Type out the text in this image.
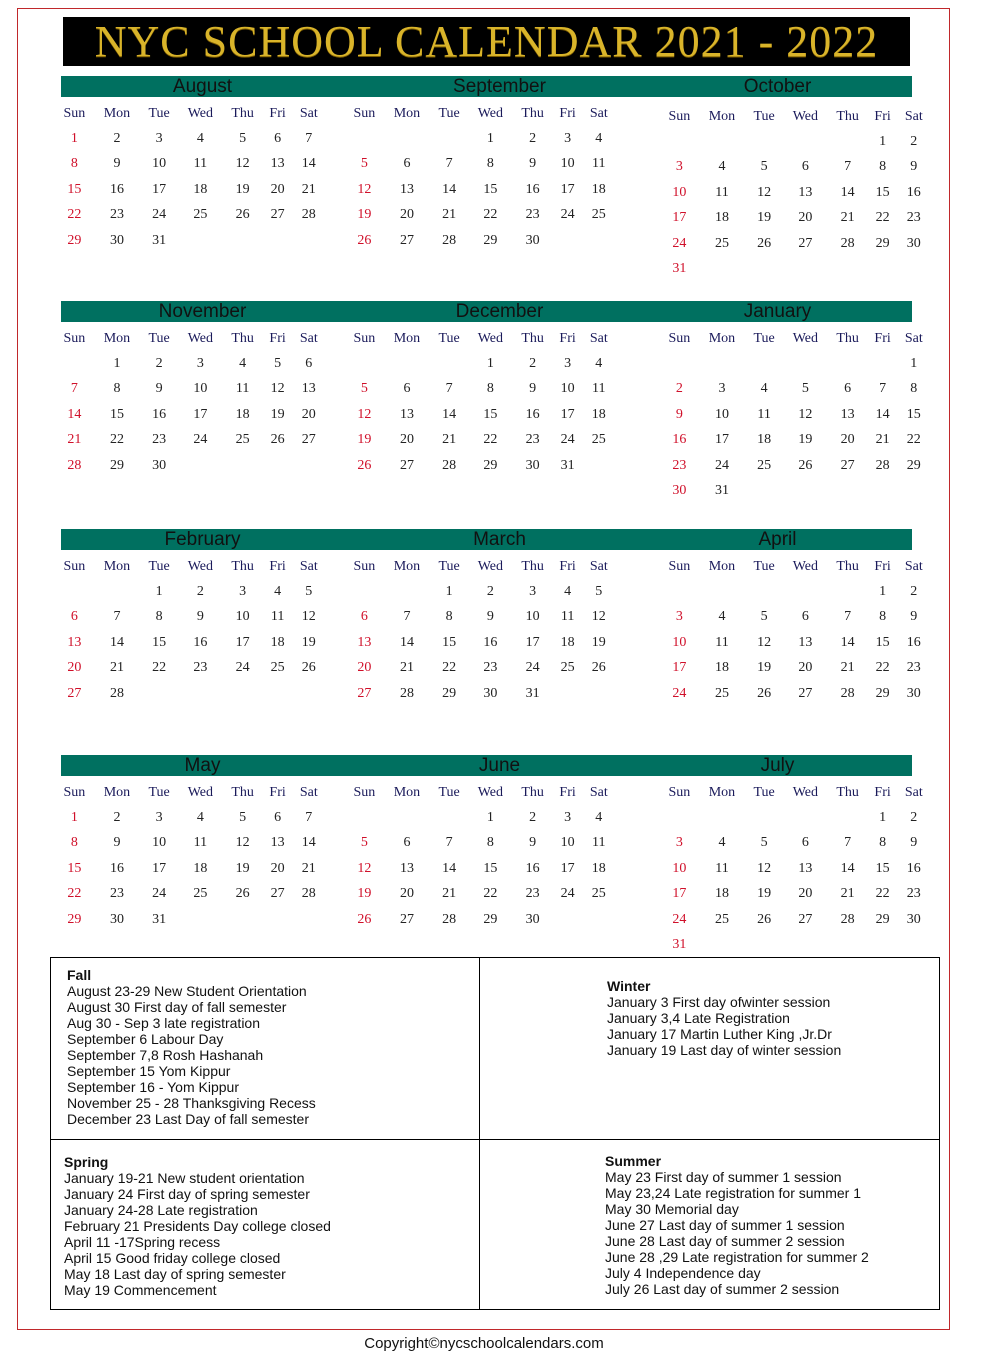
NYC SCHOOL CALENDAR 2021 - 2022
August	September	October
Sun	Mon	Tue	Wed	Thu	Fri	Sat
1	2	3	4	5	6	7
8	9	10	11	12	13	14
15	16	17	18	19	20	21
22	23	24	25	26	27	28
29	30	31				
Sun	Mon	Tue	Wed	Thu	Fri	Sat
			1	2	3	4
5	6	7	8	9	10	11
12	13	14	15	16	17	18
19	20	21	22	23	24	25
26	27	28	29	30		
Sun	Mon	Tue	Wed	Thu	Fri	Sat
					1	2
3	4	5	6	7	8	9
10	11	12	13	14	15	16
17	18	19	20	21	22	23
24	25	26	27	28	29	30
31						
November	December	January
Sun	Mon	Tue	Wed	Thu	Fri	Sat
	1	2	3	4	5	6
7	8	9	10	11	12	13
14	15	16	17	18	19	20
21	22	23	24	25	26	27
28	29	30				
Sun	Mon	Tue	Wed	Thu	Fri	Sat
			1	2	3	4
5	6	7	8	9	10	11
12	13	14	15	16	17	18
19	20	21	22	23	24	25
26	27	28	29	30	31	
Sun	Mon	Tue	Wed	Thu	Fri	Sat
						1
2	3	4	5	6	7	8
9	10	11	12	13	14	15
16	17	18	19	20	21	22
23	24	25	26	27	28	29
30	31					
February	March	April
Sun	Mon	Tue	Wed	Thu	Fri	Sat
		1	2	3	4	5
6	7	8	9	10	11	12
13	14	15	16	17	18	19
20	21	22	23	24	25	26
27	28					
Sun	Mon	Tue	Wed	Thu	Fri	Sat
		1	2	3	4	5
6	7	8	9	10	11	12
13	14	15	16	17	18	19
20	21	22	23	24	25	26
27	28	29	30	31		
Sun	Mon	Tue	Wed	Thu	Fri	Sat
					1	2
3	4	5	6	7	8	9
10	11	12	13	14	15	16
17	18	19	20	21	22	23
24	25	26	27	28	29	30
May	June	July
Sun	Mon	Tue	Wed	Thu	Fri	Sat
1	2	3	4	5	6	7
8	9	10	11	12	13	14
15	16	17	18	19	20	21
22	23	24	25	26	27	28
29	30	31				
Sun	Mon	Tue	Wed	Thu	Fri	Sat
			1	2	3	4
5	6	7	8	9	10	11
12	13	14	15	16	17	18
19	20	21	22	23	24	25
26	27	28	29	30		
Sun	Mon	Tue	Wed	Thu	Fri	Sat
					1	2
3	4	5	6	7	8	9
10	11	12	13	14	15	16
17	18	19	20	21	22	23
24	25	26	27	28	29	30
31						
Fall
August 23-29 New Student Orientation
August 30 First day of fall semester
Aug 30 - Sep 3 late registration
September 6 Labour Day
September 7,8 Rosh Hashanah
September 15 Yom Kippur
September 16 - Yom Kippur
November 25 - 28 Thanksgiving Recess
December 23 Last Day of fall semester
Winter
January 3 First day ofwinter session
January 3,4 Late Registration
January 17 Martin Luther King ,Jr.Dr
January 19 Last day of winter session
Spring
January 19-21 New student orientation
January 24 First day of spring semester
January 24-28 Late registration
February 21 Presidents Day college closed
April 11 -17Spring recess
April 15 Good friday college closed
May 18 Last day of spring semester
May 19 Commencement
Summer
May 23 First day of summer 1 session
May 23,24 Late registration for summer 1
May 30 Memorial day
June 27 Last day of summer 1 session
June 28 Last day of summer 2 session
June 28 ,29 Late registration for summer 2
July 4 Independence day
July 26 Last day of summer 2 session
Copyright©nycschoolcalendars.com
